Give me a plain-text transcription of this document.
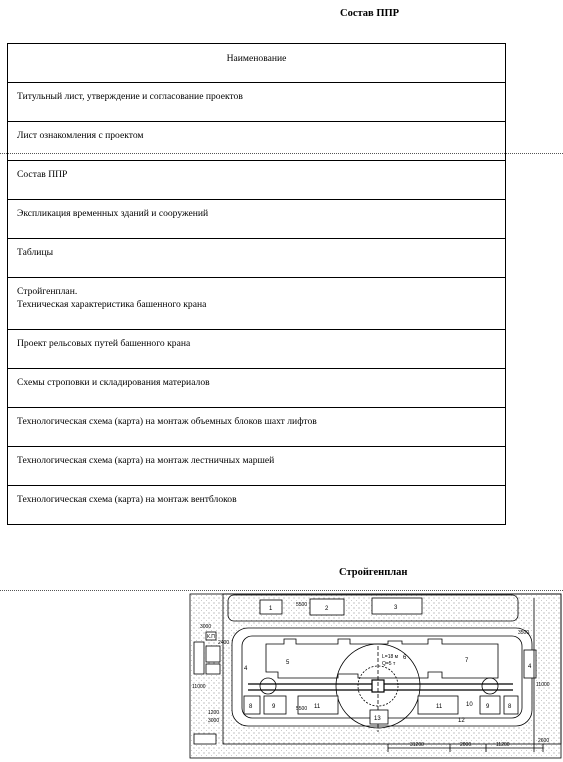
Состав ППР
Наименование
Титульный лист, утверждение и согласование проектов
Лист ознакомления с проектом
Состав ППР
Экспликация временных зданий и сооружений
Таблицы
Стройгенплан.
Техническая характеристика башенного крана
Проект рельсовых путей башенного крана
Схемы строповки и складирования материалов
Технологическая схема (карта) на монтаж объемных блоков шахт лифтов
Технологическая схема (карта) на монтаж лестничных маршей
Технологическая схема (карта) на монтаж вентблоков
Стройгенплан
1	2	3
4	4
5
6	7
8	8
9	9
10
11	11
12
13
К.П
L=18 м
Q=5 т
3000
2400
11000
1200
3000
5500
5500
3500
11000
31200	2000	11200
2600
